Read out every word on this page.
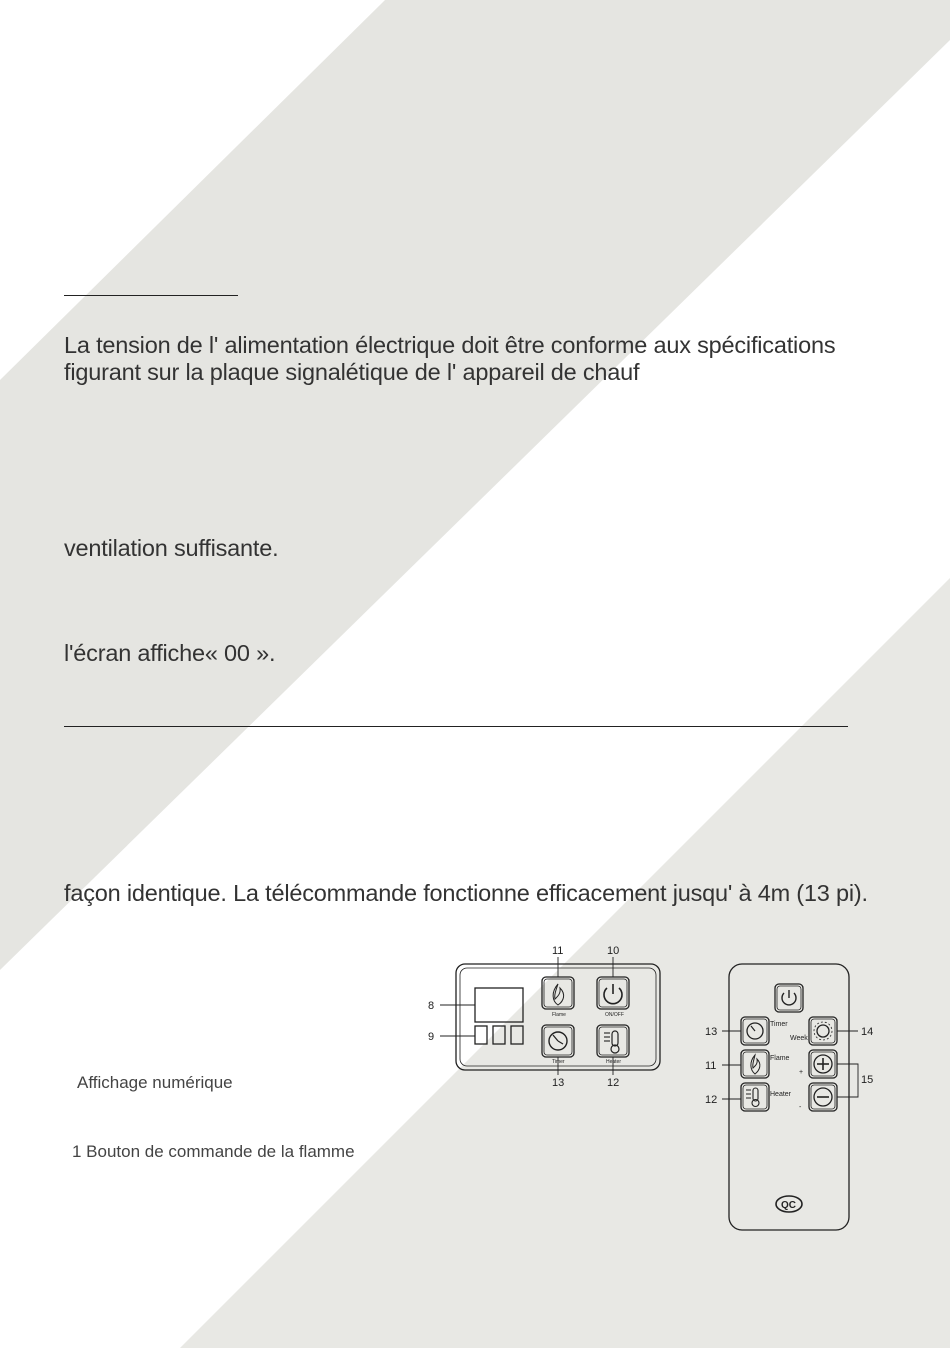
La tension de l' alimentation électrique doit être conforme aux spécifications
figurant sur la plaque signalétique de l' appareil de chauf
ventilation suffisante.
l'écran affiche« 00 ».
façon identique. La télécommande fonctionne efficacement jusqu' à 4m (13 pi).
Affichage numérique
1 Bouton de commande de la flamme
8
9
10
11
12
13
Flame	ON/OFF
Timer	Heater
13
11
12
14
15
Timer
Week
Flame
Heater
+
-
QC
